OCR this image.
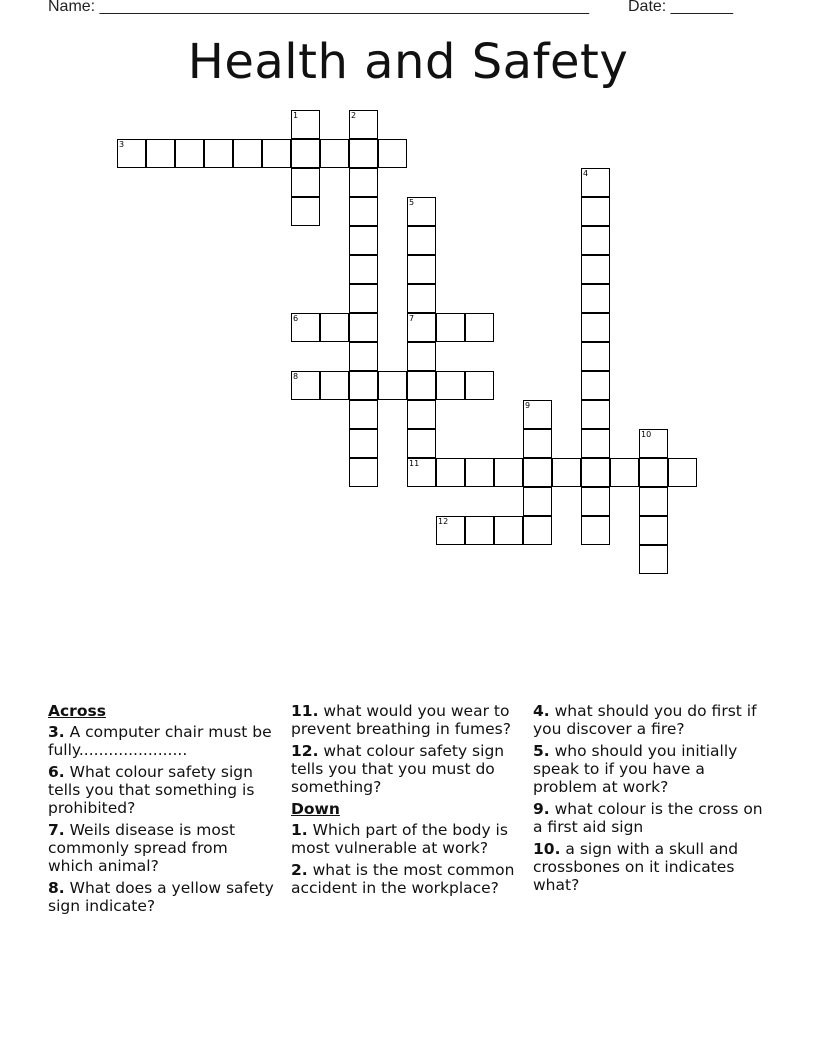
Name: _______________________________________________________ Date: _______
Health and Safety
1	2
3
4
5
6	7
8
9
10
11
12
Across
3. A computer chair must be fully......................
6. What colour safety sign tells you that something is prohibited?
7. Weils disease is most commonly spread from which animal?
8. What does a yellow safety sign indicate?
11. what would you wear to prevent breathing in fumes?
12. what colour safety sign tells you that you must do something?
Down
1. Which part of the body is most vulnerable at work?
2. what is the most common accident in the workplace?
4. what should you do first if you discover a fire?
5. who should you initially speak to if you have a problem at work?
9. what colour is the cross on a first aid sign
10. a sign with a skull and crossbones on it indicates what?
